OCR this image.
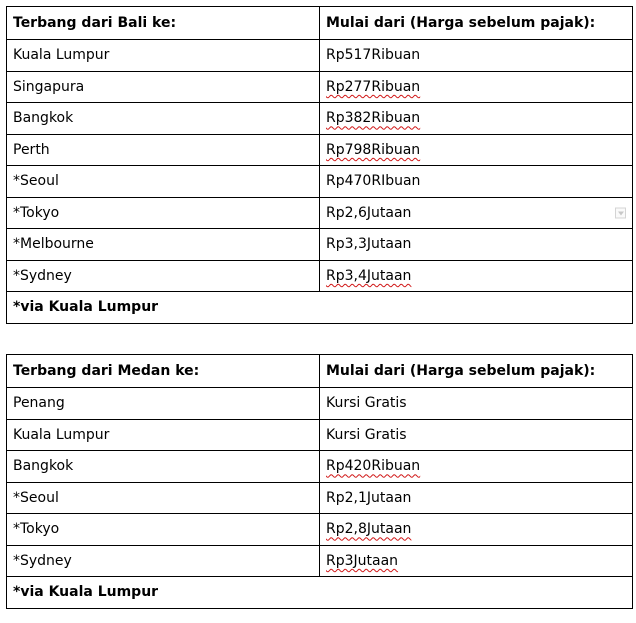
Terbang dari Bali ke:	Mulai dari (Harga sebelum pajak):
Kuala Lumpur	Rp517Ribuan
Singapura	Rp277Ribuan
Bangkok	Rp382Ribuan
Perth	Rp798Ribuan
*Seoul	Rp470RIbuan
*Tokyo	Rp2,6Jutaan

*Melbourne	Rp3,3Jutaan
*Sydney	Rp3,4Jutaan
*via Kuala Lumpur	
Terbang dari Medan ke:	Mulai dari (Harga sebelum pajak):
Penang	Kursi Gratis
Kuala Lumpur	Kursi Gratis
Bangkok	Rp420Ribuan
*Seoul	Rp2,1Jutaan
*Tokyo	Rp2,8Jutaan
*Sydney	Rp3Jutaan
*via Kuala Lumpur	
